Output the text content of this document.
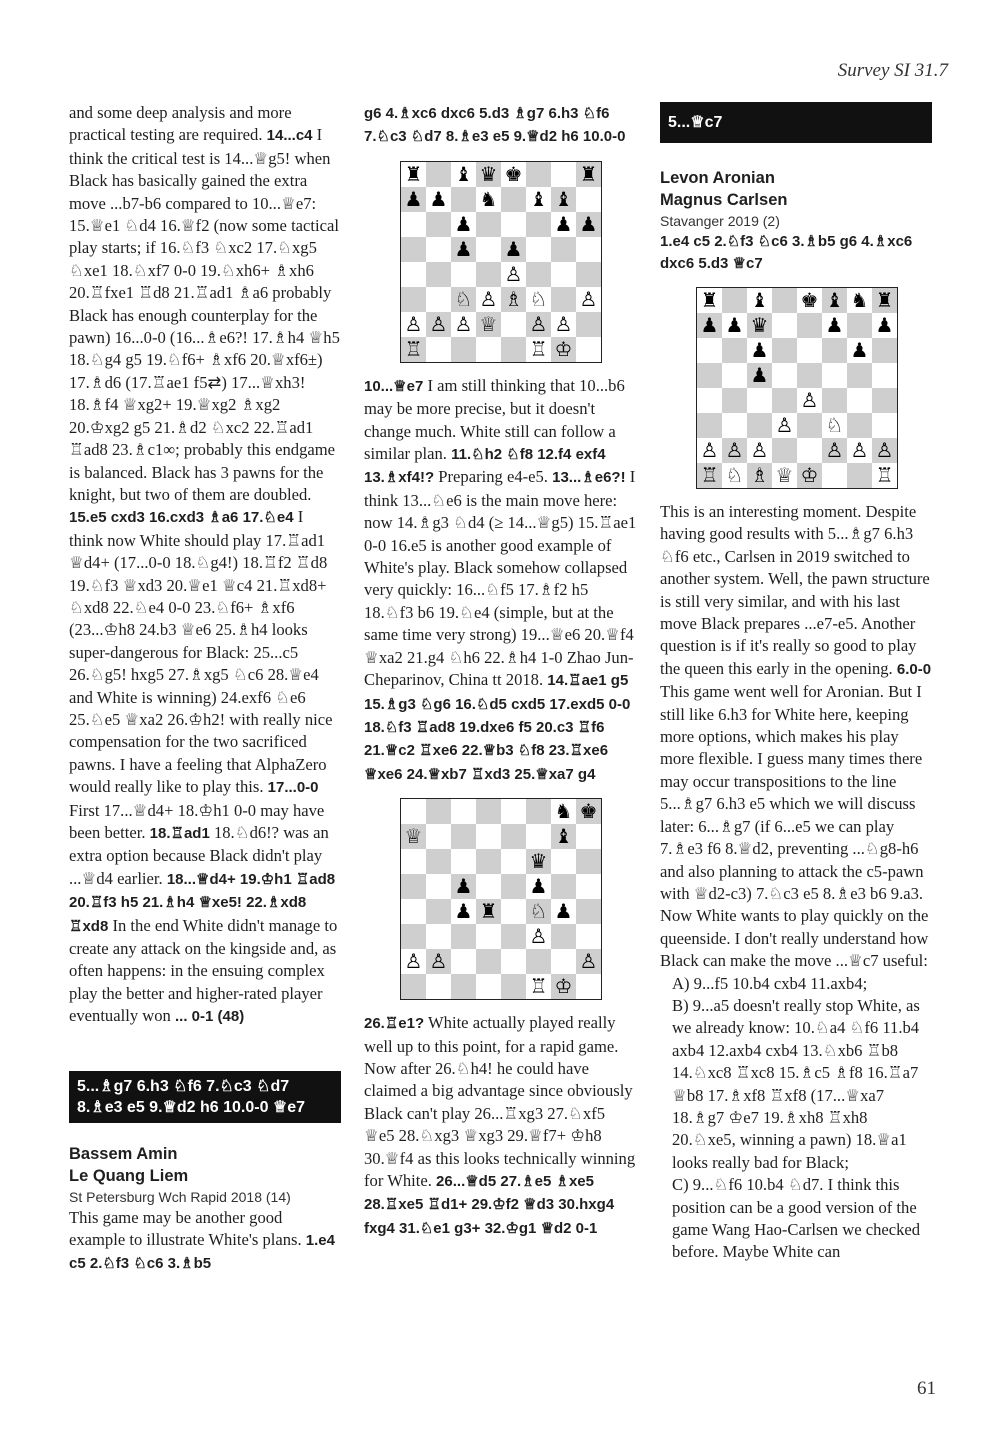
Survey SI 31.7

and some deep analysis and more practical testing are required. 14...c4 I think the critical test is 14...♕g5! when Black has basically gained the extra move ...b7-b6 compared to 10...♕e7: 15.♕e1 ♘d4 16.♕f2 (now some tactical play starts; if 16.♘f3 ♘xc2 17.♘xg5 ♘xe1 18.♘xf7 0-0 19.♘xh6+ ♗xh6 20.♖fxe1 ♖d8 21.♖ad1 ♗a6 probably Black has enough counterplay for the pawn) 16...0-0 (16...♗e6?! 17.♗h4 ♕h5 18.♘g4 g5 19.♘f6+ ♗xf6 20.♕xf6±) 17.♗d6 (17.♖ae1 f5⇄) 17...♕xh3! 18.♗f4 ♕xg2+ 19.♕xg2 ♗xg2 20.♔xg2 g5 21.♗d2 ♘xc2 22.♖ad1 ♖ad8 23.♗c1∞; probably this endgame is balanced. Black has 3 pawns for the knight, but two of them are doubled. 15.e5 cxd3 16.cxd3 ♗a6 17.♘e4 I think now White should play 17.♖ad1 ♕d4+ (17...0-0 18.♘g4!) 18.♖f2 ♖d8 19.♘f3 ♕xd3 20.♕e1 ♕c4 21.♖xd8+ ♘xd8 22.♘e4 0-0 23.♘f6+ ♗xf6 (23...♔h8 24.b3 ♕e6 25.♗h4 looks super-dangerous for Black: 25...c5 26.♘g5! hxg5 27.♗xg5 ♘c6 28.♕e4 and White is winning) 24.exf6 ♘e6 25.♘e5 ♕xa2 26.♔h2! with really nice compensation for the two sacrificed pawns. I have a feeling that AlphaZero would really like to play this. 17...0-0 First 17...♕d4+ 18.♔h1 0-0 may have been better. 18.♖ad1 18.♘d6!? was an extra option because Black didn't play ...♕d4 earlier. 18...♕d4+ 19.♔h1 ♖ad8 20.♖f3 h5 21.♗h4 ♕xe5! 22.♗xd8 ♖xd8 In the end White didn't manage to create any attack on the kingside and, as often happens: in the ensuing complex play the better and higher-rated player eventually won ... 0-1 (48)

5...♗g7 6.h3 ♘f6 7.♘c3 ♘d7 8.♗e3 e5 9.♕d2 h6 10.0-0 ♕e7

Bassem Amin

Le Quang Liem

St Petersburg Wch Rapid 2018 (14)

This game may be another good example to illustrate White's plans. 1.e4 c5 2.♘f3 ♘c6 3.♗b5

g6 4.♗xc6 dxc6 5.d3 ♗g7 6.h3 ♘f6 7.♘c3 ♘d7 8.♗e3 e5 9.♕d2 h6 10.0-0

♜ ♝ ♛ ♚	♜
♟ ♟ ♞ ♝ ♝
♟	♟ ♟
♟ ♟
♙
♘ ♙ ♗ ♘ ♙
♙ ♙ ♙ ♕ ♙ ♙
♖	♖ ♔

10...♕e7 I am still thinking that 10...b6 may be more precise, but it doesn't change much. White still can follow a similar plan. 11.♘h2 ♘f8 12.f4 exf4 13.♗xf4!? Preparing e4-e5. 13...♗e6?! I think 13...♘e6 is the main move here: now 14.♗g3 ♘d4 (≥ 14...♕g5) 15.♖ae1 0-0 16.e5 is another good example of White's play. Black somehow collapsed very quickly: 16...♘f5 17.♗f2 h5 18.♘f3 b6 19.♘e4 (simple, but at the same time very strong) 19...♕e6 20.♕f4 ♕xa2 21.g4 ♘h6 22.♗h4 1-0 Zhao Jun-Cheparinov, China tt 2018. 14.♖ae1 g5 15.♗g3 ♘g6 16.♘d5 cxd5 17.exd5 0-0 18.♘f3 ♖ad8 19.dxe6 f5 20.c3 ♖f6 21.♕c2 ♖xe6 22.♕b3 ♘f8 23.♖xe6 ♕xe6 24.♕xb7 ♖xd3 25.♕xa7 g4

♞ ♚
♕	♝
♛
♟	♟
♟ ♜ ♘ ♟
♙
♙ ♙	♙
♖ ♔

26.♖e1? White actually played really well up to this point, for a rapid game. Now after 26.♘h4! he could have claimed a big advantage since obviously Black can't play 26...♖xg3 27.♘xf5 ♕e5 28.♘xg3 ♕xg3 29.♕f7+ ♔h8 30.♕f4 as this looks technically winning for White. 26...♕d5 27.♗e5 ♗xe5 28.♖xe5 ♖d1+ 29.♔f2 ♕d3 30.hxg4 fxg4 31.♘e1 g3+ 32.♔g1 ♕d2 0-1

5...♕c7

Levon Aronian

Magnus Carlsen

Stavanger 2019 (2)

1.e4 c5 2.♘f3 ♘c6 3.♗b5 g6 4.♗xc6 dxc6 5.d3 ♕c7

♜ ♝ ♚ ♝ ♞ ♜
♟ ♟ ♛	♟ ♟
♟	♟
♟
♙
♙ ♘
♙ ♙ ♙	♙ ♙ ♙
♖ ♘ ♗ ♕ ♔	♖

This is an interesting moment. Despite having good results with 5...♗g7 6.h3 ♘f6 etc., Carlsen in 2019 switched to another system. Well, the pawn structure is still very similar, and with his last move Black prepares ...e7-e5. Another question is if it's really so good to play the queen this early in the opening. 6.0-0 This game went well for Aronian. But I still like 6.h3 for White here, keeping more options, which makes his play more flexible. I guess many times there may occur transpositions to the line 5...♗g7 6.h3 e5 which we will discuss later: 6...♗g7 (if 6...e5 we can play 7.♗e3 f6 8.♕d2, preventing ...♘g8-h6 and also planning to attack the c5-pawn with ♕d2-c3) 7.♘c3 e5 8.♗e3 b6 9.a3. Now White wants to play quickly on the queenside. I don't really understand how Black can make the move ...♕c7 useful:

A) 9...f5 10.b4 cxb4 11.axb4;

B) 9...a5 doesn't really stop White, as we already know: 10.♘a4 ♘f6 11.b4 axb4 12.axb4 cxb4 13.♘xb6 ♖b8 14.♘xc8 ♖xc8 15.♗c5 ♗f8 16.♖a7 ♕b8 17.♗xf8 ♖xf8 (17...♕xa7 18.♗g7 ♔e7 19.♗xh8 ♖xh8 20.♘xe5, winning a pawn) 18.♕a1 looks really bad for Black;

C) 9...♘f6 10.b4 ♘d7. I think this position can be a good version of the game Wang Hao-Carlsen we checked before. Maybe White can

61
